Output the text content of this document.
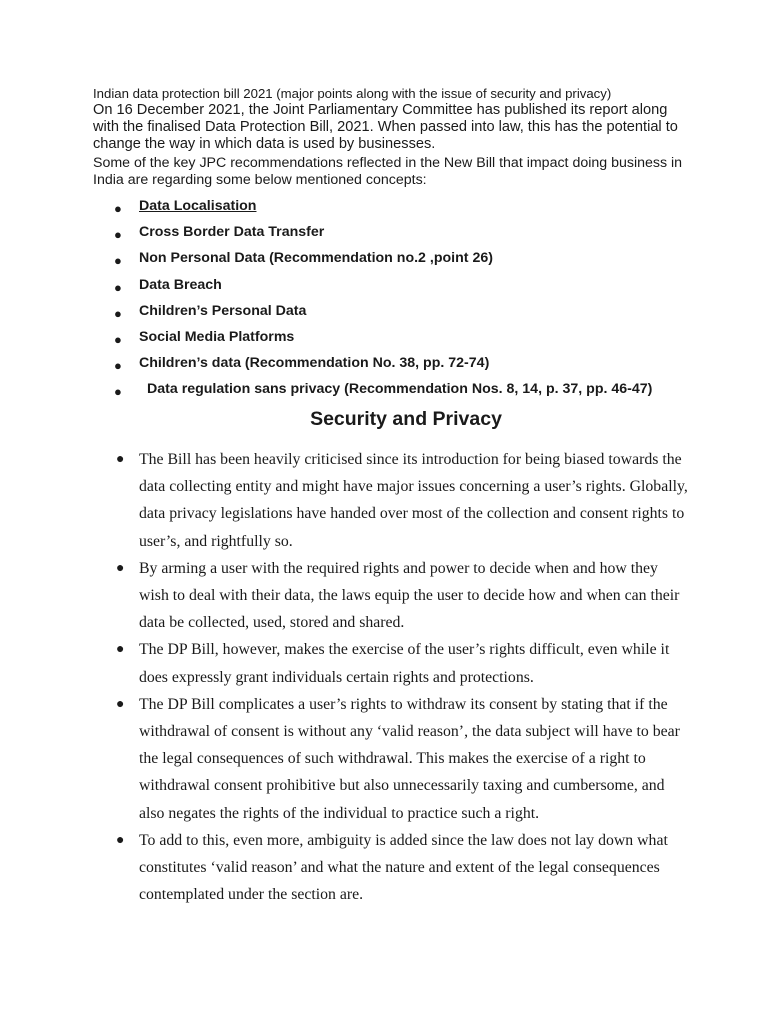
Indian data protection bill 2021 (major points along with the issue of security and privacy)
On 16 December 2021, the Joint Parliamentary Committee has published its report along with the finalised Data Protection Bill, 2021. When passed into law, this has the potential to change the way in which data is used by businesses.
Some of the key JPC recommendations reflected in the New Bill that impact doing business in India are regarding some below mentioned concepts:
● Data Localisation
● Cross Border Data Transfer
● Non Personal Data (Recommendation no.2 ,point 26)
● Data Breach
● Children’s Personal Data
● Social Media Platforms
● Children’s data (Recommendation No. 38, pp. 72-74)
● Data regulation sans privacy (Recommendation Nos. 8, 14, p. 37, pp. 46-47)
Security and Privacy
● The Bill has been heavily criticised since its introduction for being biased towards the data collecting entity and might have major issues concerning a user’s rights. Globally, data privacy legislations have handed over most of the collection and consent rights to user’s, and rightfully so.
● By arming a user with the required rights and power to decide when and how they wish to deal with their data, the laws equip the user to decide how and when can their data be collected, used, stored and shared.
● The DP Bill, however, makes the exercise of the user’s rights difficult, even while it does expressly grant individuals certain rights and protections.
● The DP Bill complicates a user’s rights to withdraw its consent by stating that if the withdrawal of consent is without any ‘valid reason’, the data subject will have to bear the legal consequences of such withdrawal. This makes the exercise of a right to withdrawal consent prohibitive but also unnecessarily taxing and cumbersome, and also negates the rights of the individual to practice such a right.
● To add to this, even more, ambiguity is added since the law does not lay down what constitutes ‘valid reason’ and what the nature and extent of the legal consequences contemplated under the section are.
